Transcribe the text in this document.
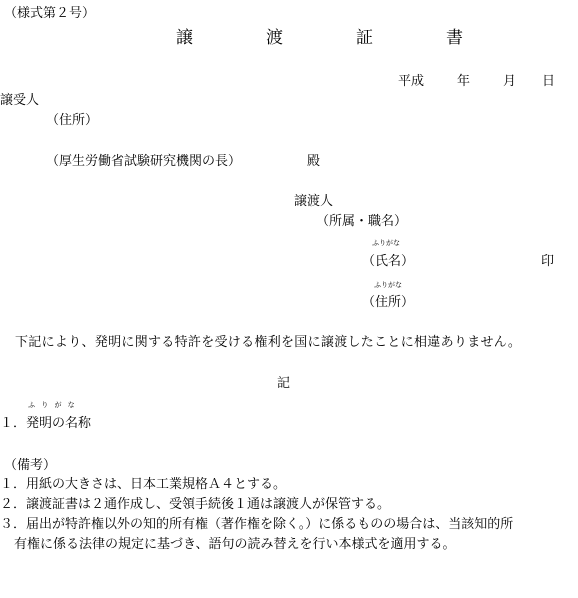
（様式第２号）
譲　渡　証　書
平成	年	月 日
譲受人
（住所）
（厚生労働省試験研究機関の長）	殿
譲渡人
（所属・職名）
ふりがな
（氏名）	印
ふりがな
（住所）
下記により、発明に関する特許を受ける権利を国に譲渡したことに相違ありません。
記
ふ り が な
１．発明の名称
（備考）
１．用紙の大きさは、日本工業規格Ａ４とする。
２．譲渡証書は２通作成し、受領手続後１通は譲渡人が保管する。
３．届出が特許権以外の知的所有権（著作権を除く。）に係るものの場合は、当該知的所
有権に係る法律の規定に基づき、語句の読み替えを行い本様式を適用する。
